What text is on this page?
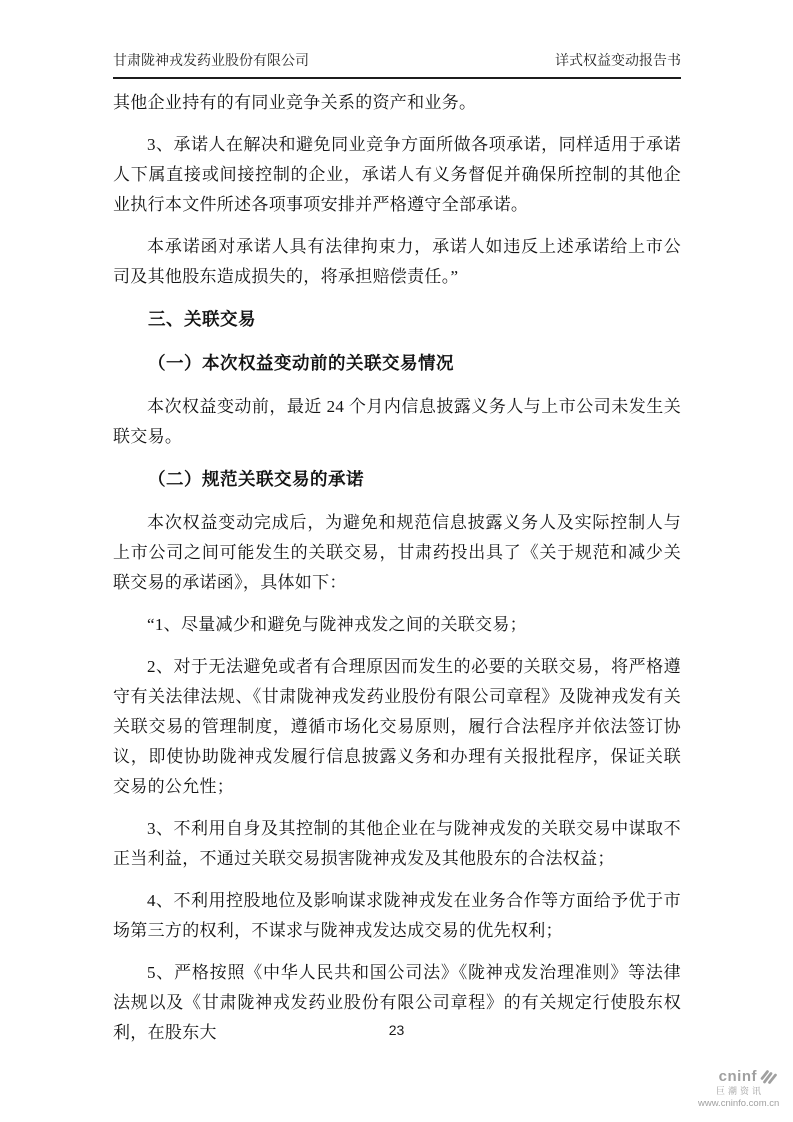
甘肃陇神戎发药业股份有限公司	详式权益变动报告书

其他企业持有的有同业竞争关系的资产和业务。

3、承诺人在解决和避免同业竞争方面所做各项承诺，同样适用于承诺人下属直接或间接控制的企业，承诺人有义务督促并确保所控制的其他企业执行本文件所述各项事项安排并严格遵守全部承诺。

本承诺函对承诺人具有法律拘束力，承诺人如违反上述承诺给上市公司及其他股东造成损失的，将承担赔偿责任。”

三、关联交易

（一）本次权益变动前的关联交易情况

本次权益变动前，最近 24 个月内信息披露义务人与上市公司未发生关联交易。

（二）规范关联交易的承诺

本次权益变动完成后，为避免和规范信息披露义务人及实际控制人与上市公司之间可能发生的关联交易，甘肃药投出具了《关于规范和减少关联交易的承诺函》，具体如下：

“1、尽量减少和避免与陇神戎发之间的关联交易；

2、对于无法避免或者有合理原因而发生的必要的关联交易，将严格遵守有关法律法规、《甘肃陇神戎发药业股份有限公司章程》及陇神戎发有关关联交易的管理制度，遵循市场化交易原则，履行合法程序并依法签订协议，即使协助陇神戎发履行信息披露义务和办理有关报批程序，保证关联交易的公允性；

3、不利用自身及其控制的其他企业在与陇神戎发的关联交易中谋取不正当利益，不通过关联交易损害陇神戎发及其他股东的合法权益；

4、不利用控股地位及影响谋求陇神戎发在业务合作等方面给予优于市场第三方的权利，不谋求与陇神戎发达成交易的优先权利；

5、严格按照《中华人民共和国公司法》《陇神戎发治理准则》等法律法规以及《甘肃陇神戎发药业股份有限公司章程》的有关规定行使股东权利，在股东大	23
cninf
巨潮资讯
www.cninfo.com.cn
